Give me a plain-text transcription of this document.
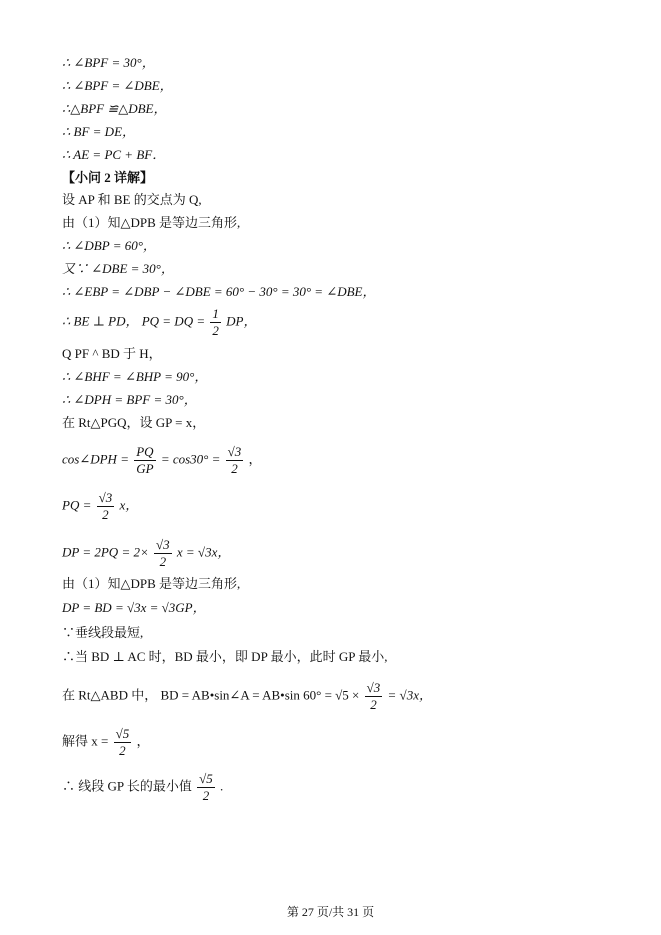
∴ ∠BPF = 30°，
∴ ∠BPF = ∠DBE，
∴△BPF ≌△DBE，
∴ BF = DE，
∴ AE = PC + BF．
【小问 2 详解】
设 AP 和 BE 的交点为 Q,
由（1）知△DPB 是等边三角形,
∴ ∠DBP = 60°，
又∵ ∠DBE = 30°，
∴ ∠EBP = ∠DBP − ∠DBE = 60° − 30° = 30° = ∠DBE，
∴ BE ⊥ PD， PQ = DQ = $\frac{1}{2}$ DP，
Q PF ^ BD 于 H，
∴ ∠BHF = ∠BHP = 90°，
∴ ∠DPH = BPF = 30°，
在 Rt△PGQ，设 GP = x，
cos∠DPH = $\frac{PQ}{GP} = \cos 30^\circ = \frac{√3}{2}$ ，
PQ = $\frac{√3}{2}$ x，
DP = $2PQ = 2\times \frac{√3}{2}$ x = √3x，
由（1）知△DPB 是等边三角形,
DP = BD = √3x = √3GP，
∵垂线段最短,
∴当 BD ⊥ AC 时，BD 最小，即 DP 最小，此时 GP 最小,
在 Rt△ABD 中， BD = AB•sin∠A = AB•sin $60^\circ = √5 \times \frac{√3}{2} = √3x$，
解得 $x = \frac{√5}{2}$ ，
∴ 线段 GP 长的最小值 $\frac{√5}{2}$ .
第 27 页/共 31 页
